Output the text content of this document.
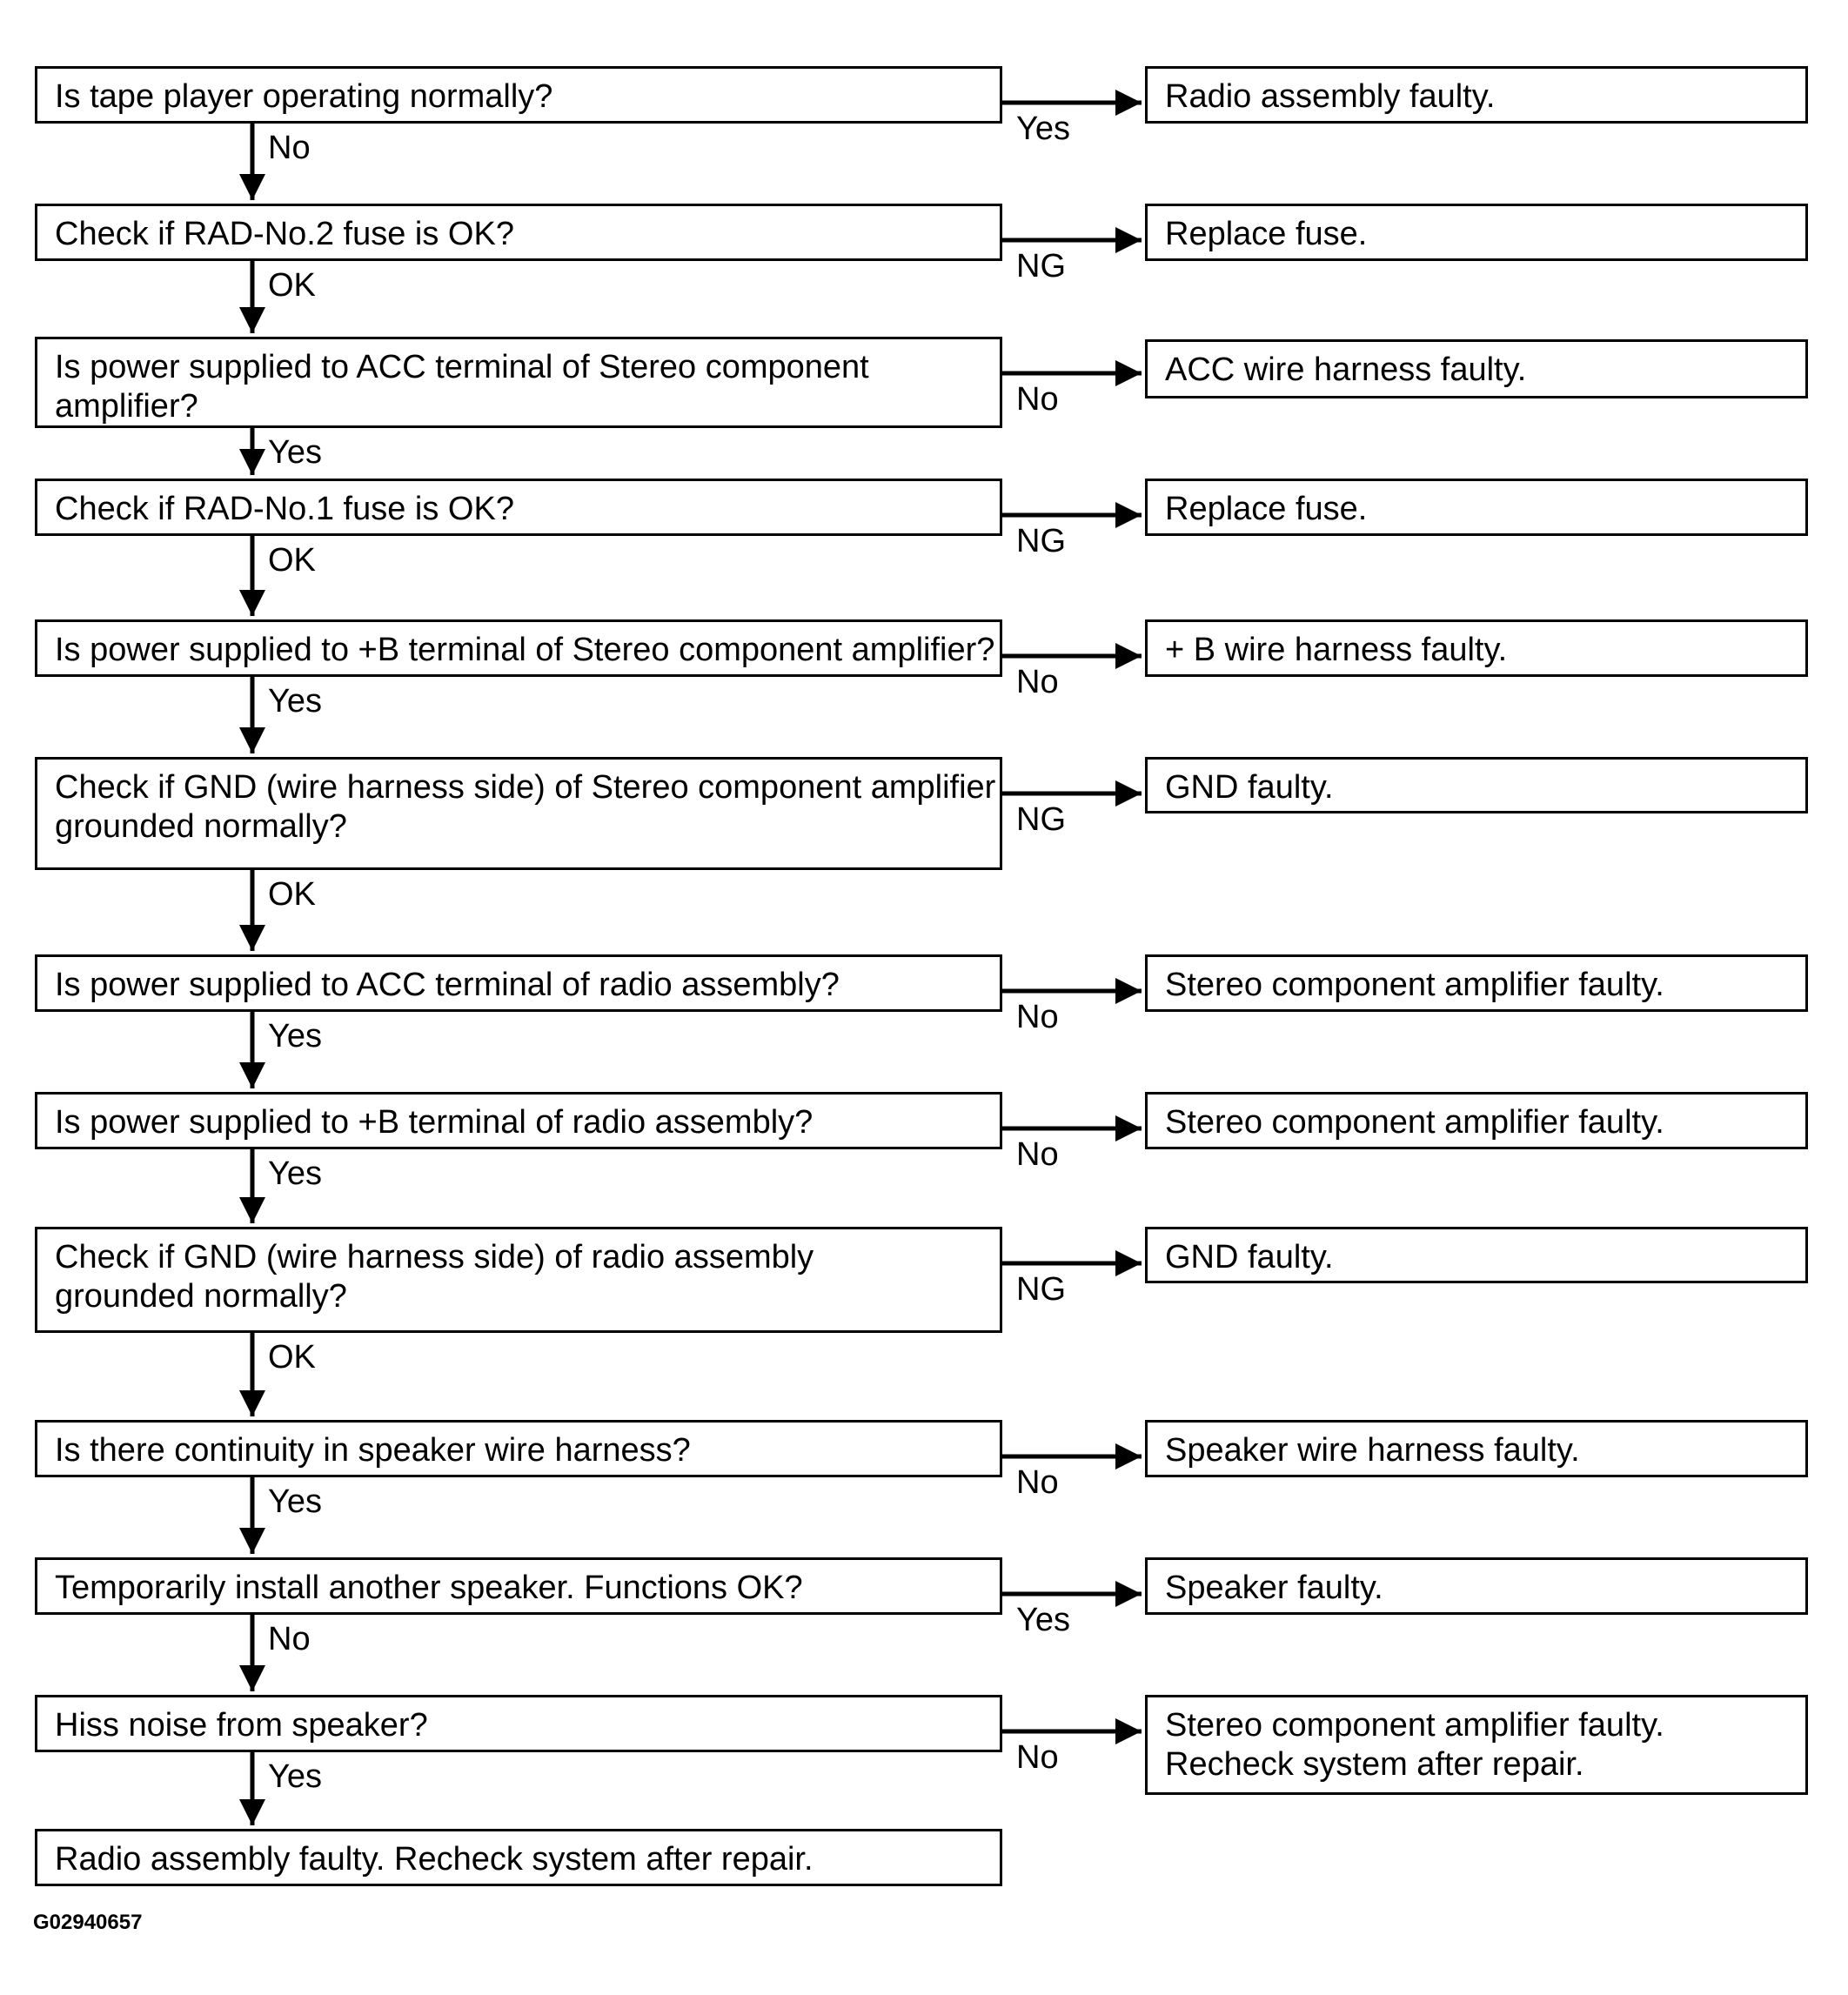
Is tape player operating normally?	Radio assembly faulty.
Yes
No
Check if RAD-No.2 fuse is OK?	Replace fuse.
NG
OK
Is power supplied to ACC terminal of Stereo component
amplifier?
ACC wire harness faulty.
No
Yes
Check if RAD-No.1 fuse is OK?	Replace fuse.
NG
OK
Is power supplied to +B terminal of Stereo component amplifier?	+ B wire harness faulty.
No
Yes
Check if GND (wire harness side) of Stereo component amplifier
grounded normally?
GND faulty.
NG
OK
Is power supplied to ACC terminal of radio assembly?	Stereo component amplifier faulty.
No
Yes
Is power supplied to +B terminal of radio assembly?	Stereo component amplifier faulty.
No
Yes
Check if GND (wire harness side) of radio assembly
grounded normally?
GND faulty.
NG
OK
Is there continuity in speaker wire harness?	Speaker wire harness faulty.
No
Yes
Temporarily install another speaker. Functions OK?	Speaker faulty.
Yes
No
Hiss noise from speaker?	Stereo component amplifier faulty.
Recheck system after repair.
No
Yes
Radio assembly faulty. Recheck system after repair.
G02940657
